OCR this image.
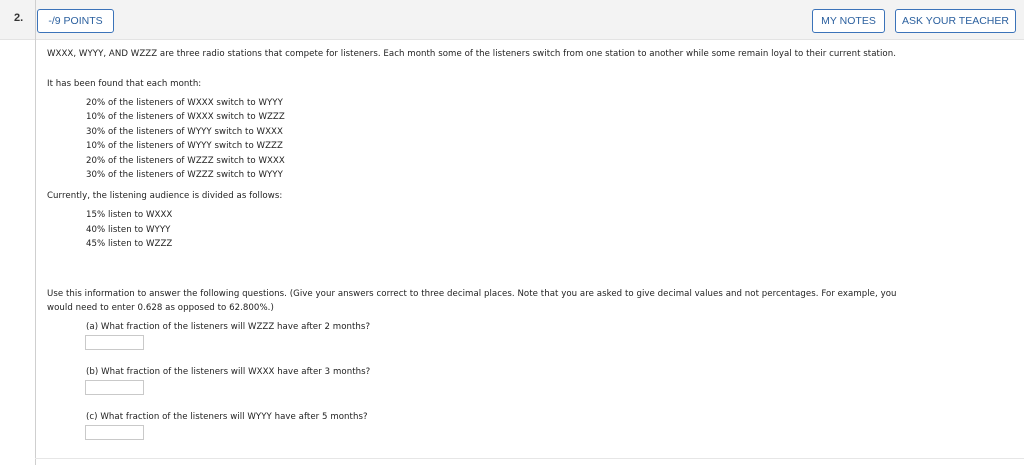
2.	-/9 POINTS	MY NOTES	ASK YOUR TEACHER
WXXX, WYYY, AND WZZZ are three radio stations that compete for listeners. Each month some of the listeners switch from one station to another while some remain loyal to their current station.
It has been found that each month:
20% of the listeners of WXXX switch to WYYY
10% of the listeners of WXXX switch to WZZZ
30% of the listeners of WYYY switch to WXXX
10% of the listeners of WYYY switch to WZZZ
20% of the listeners of WZZZ switch to WXXX
30% of the listeners of WZZZ switch to WYYY
Currently, the listening audience is divided as follows:
15% listen to WXXX
40% listen to WYYY
45% listen to WZZZ
Use this information to answer the following questions. (Give your answers correct to three decimal places. Note that you are asked to give decimal values and not percentages. For example, you
would need to enter 0.628 as opposed to 62.800%.)
(a) What fraction of the listeners will WZZZ have after 2 months?
(b) What fraction of the listeners will WXXX have after 3 months?
(c) What fraction of the listeners will WYYY have after 5 months?
